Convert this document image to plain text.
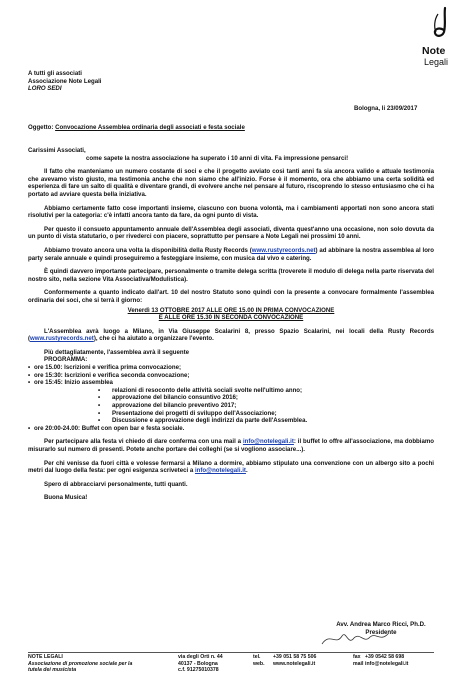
Note
Legali
A tutti gli associati
Associazione Note Legali
LORO SEDI
Bologna, li 23/09/2017
Oggetto: Convocazione Assemblea ordinaria degli associati e festa sociale
Carissimi Associati,
come sapete la nostra associazione ha superato i 10 anni di vita. Fa impressione pensarci!
Il fatto che manteniamo un numero costante di soci e che il progetto avviato così tanti anni fa sia ancora valido e attuale testimonia che avevamo visto giusto, ma testimonia anche che non siamo che all'inizio. Forse è il momento, ora che abbiamo una certa solidità ed esperienza di fare un salto di qualità e diventare grandi, di evolvere anche nel pensare al futuro, riscoprendo lo stesso entusiasmo che ci ha portato ad avviare questa bella iniziativa.
Abbiamo certamente fatto cose importanti insieme, ciascuno con buona volontà, ma i cambiamenti apportati non sono ancora stati risolutivi per la categoria: c'è infatti ancora tanto da fare, da ogni punto di vista.
Per questo il consueto appuntamento annuale dell'Assemblea degli associati, diventa quest'anno una occasione, non solo dovuta da un punto di vista statutario, o per rivederci con piacere, soprattutto per pensare a Note Legali nei prossimi 10 anni.
Abbiamo trovato ancora una volta la disponibilità della Rusty Records (www.rustyrecords.net) ad abbinare la nostra assemblea al loro party serale annuale e quindi proseguiremo a festeggiare insieme, con musica dal vivo e catering.
È quindi davvero importante partecipare, personalmente o tramite delega scritta (troverete il modulo di delega nella parte riservata del nostro sito, nella sezione Vita Associativa/Modulistica).
Conformemente a quanto indicato dall'art. 10 del nostro Statuto sono quindi con la presente a convocare formalmente l'assemblea ordinaria dei soci, che si terrà il giorno:
Venerdì 13 OTTOBRE 2017 ALLE ORE 15.00 IN PRIMA CONVOCAZIONE
E ALLE ORE 15.30 IN SECONDA CONVOCAZIONE
L'Assemblea avrà luogo a Milano, in Via Giuseppe Scalarini 8, presso Spazio Scalarini, nei locali della Rusty Records (www.rustyrecords.net), che ci ha aiutato a organizzare l'evento.
Più dettagliatamente, l'assemblea avrà il seguente
PROGRAMMA:
• ore 15.00: Iscrizioni e verifica prima convocazione;
• ore 15:30: Iscrizioni e verifica seconda convocazione;
• ore 15:45: Inizio assemblea
• relazioni di resoconto delle attività sociali svolte nell'ultimo anno;
• approvazione del bilancio consuntivo 2016;
• approvazione del bilancio preventivo 2017;
• Presentazione dei progetti di sviluppo dell'Associazione;
• Discussione e approvazione degli indirizzi da parte dell'Assemblea.
• ore 20:00-24.00: Buffet con open bar e festa sociale.
Per partecipare alla festa vi chiedo di dare conferma con una mail a info@notelegali.it: il buffet lo offre all'associazione, ma dobbiamo misurarlo sul numero di presenti. Potete anche portare dei colleghi (se si vogliono associare...).
Per chi venisse da fuori città e volesse fermarsi a Milano a dormire, abbiamo stipulato una convenzione con un albergo sito a pochi metri dal luogo della festa: per ogni esigenza scriveteci a info@notelegali.it.
Spero di abbracciarvi personalmente, tutti quanti.
Buona Musica!
Avv. Andrea Marco Ricci, Ph.D.
Presidente
NOTE LEGALI
Associazione di promozione sociale per la
tutela dei musicista
via degli Orti n. 44
40137 - Bologna
c.f. 91275010378
tel. +39 051 58 75 506	fax +39 0542 58 698
web. www.notelegali.it	mail info@notelegali.it
